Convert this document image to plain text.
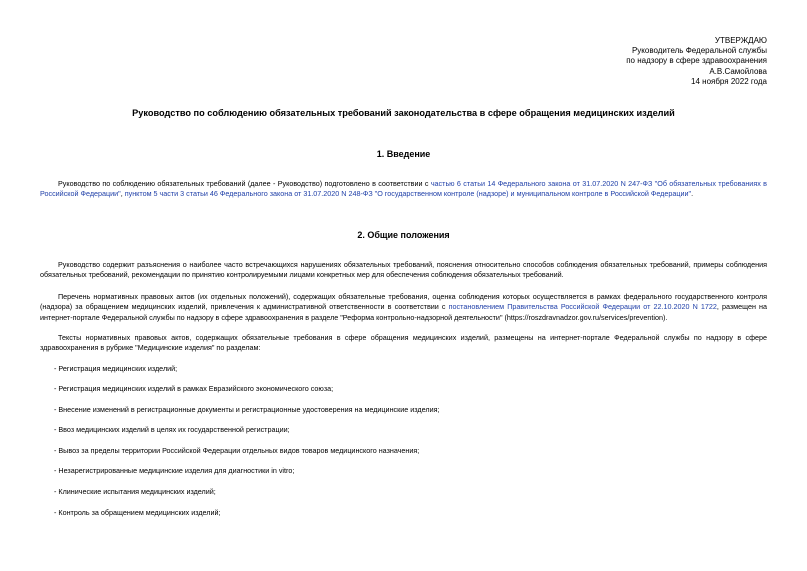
УТВЕРЖДАЮ
Руководитель Федеральной службы
по надзору в сфере здравоохранения
А.В.Самойлова
14 ноября 2022 года
Руководство по соблюдению обязательных требований законодательства в сфере обращения медицинских изделий
1. Введение
Руководство по соблюдению обязательных требований (далее - Руководство) подготовлено в соответствии с частью 6 статьи 14 Федерального закона от 31.07.2020 N 247-ФЗ "Об обязательных требованиях в Российской Федерации", пунктом 5 части 3 статьи 46 Федерального закона от 31.07.2020 N 248-ФЗ "О государственном контроле (надзоре) и муниципальном контроле в Российской Федерации".
2. Общие положения
Руководство содержит разъяснения о наиболее часто встречающихся нарушениях обязательных требований, пояснения относительно способов соблюдения обязательных требований, примеры соблюдения обязательных требований, рекомендации по принятию контролируемыми лицами конкретных мер для обеспечения соблюдения обязательных требований.
Перечень нормативных правовых актов (их отдельных положений), содержащих обязательные требования, оценка соблюдения которых осуществляется в рамках федерального государственного контроля (надзора) за обращением медицинских изделий, привлечения к административной ответственности в соответствии с постановлением Правительства Российской Федерации от 22.10.2020 N 1722, размещен на интернет-портале Федеральной службы по надзору в сфере здравоохранения в разделе "Реформа контрольно-надзорной деятельности" (https://roszdravnadzor.gov.ru/services/prevention).
Тексты нормативных правовых актов, содержащих обязательные требования в сфере обращения медицинских изделий, размещены на интернет-портале Федеральной службы по надзору в сфере здравоохранения в рубрике "Медицинские изделия" по разделам:
- Регистрация медицинских изделий;
- Регистрация медицинских изделий в рамках Евразийского экономического союза;
- Внесение изменений в регистрационные документы и регистрационные удостоверения на медицинские изделия;
- Ввоз медицинских изделий в целях их государственной регистрации;
- Вывоз за пределы территории Российской Федерации отдельных видов товаров медицинского назначения;
- Незарегистрированные медицинские изделия для диагностики in vitro;
- Клинические испытания медицинских изделий;
- Контроль за обращением медицинских изделий;
